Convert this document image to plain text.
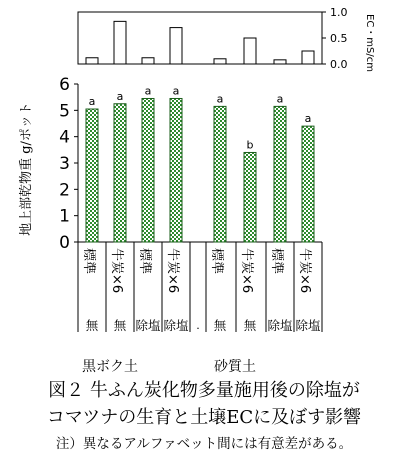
0.0
0.5
1.0
EC・mS/cm
0
1
2
3
4
5
6
地上部乾物重 g/ポット
a a a a
a
b
a
a
.
標準
無
牛炭×6
無
標準
除塩
牛炭×6
除塩
標準
無
牛炭×6
無
標準
除塩
牛炭×6
除塩
黒ボク土	砂質土
図２ 牛ふん炭化物多量施用後の除塩が
コマツナの生育と土壌ECに及ぼす影響
注）異なるアルファベット間には有意差がある。
